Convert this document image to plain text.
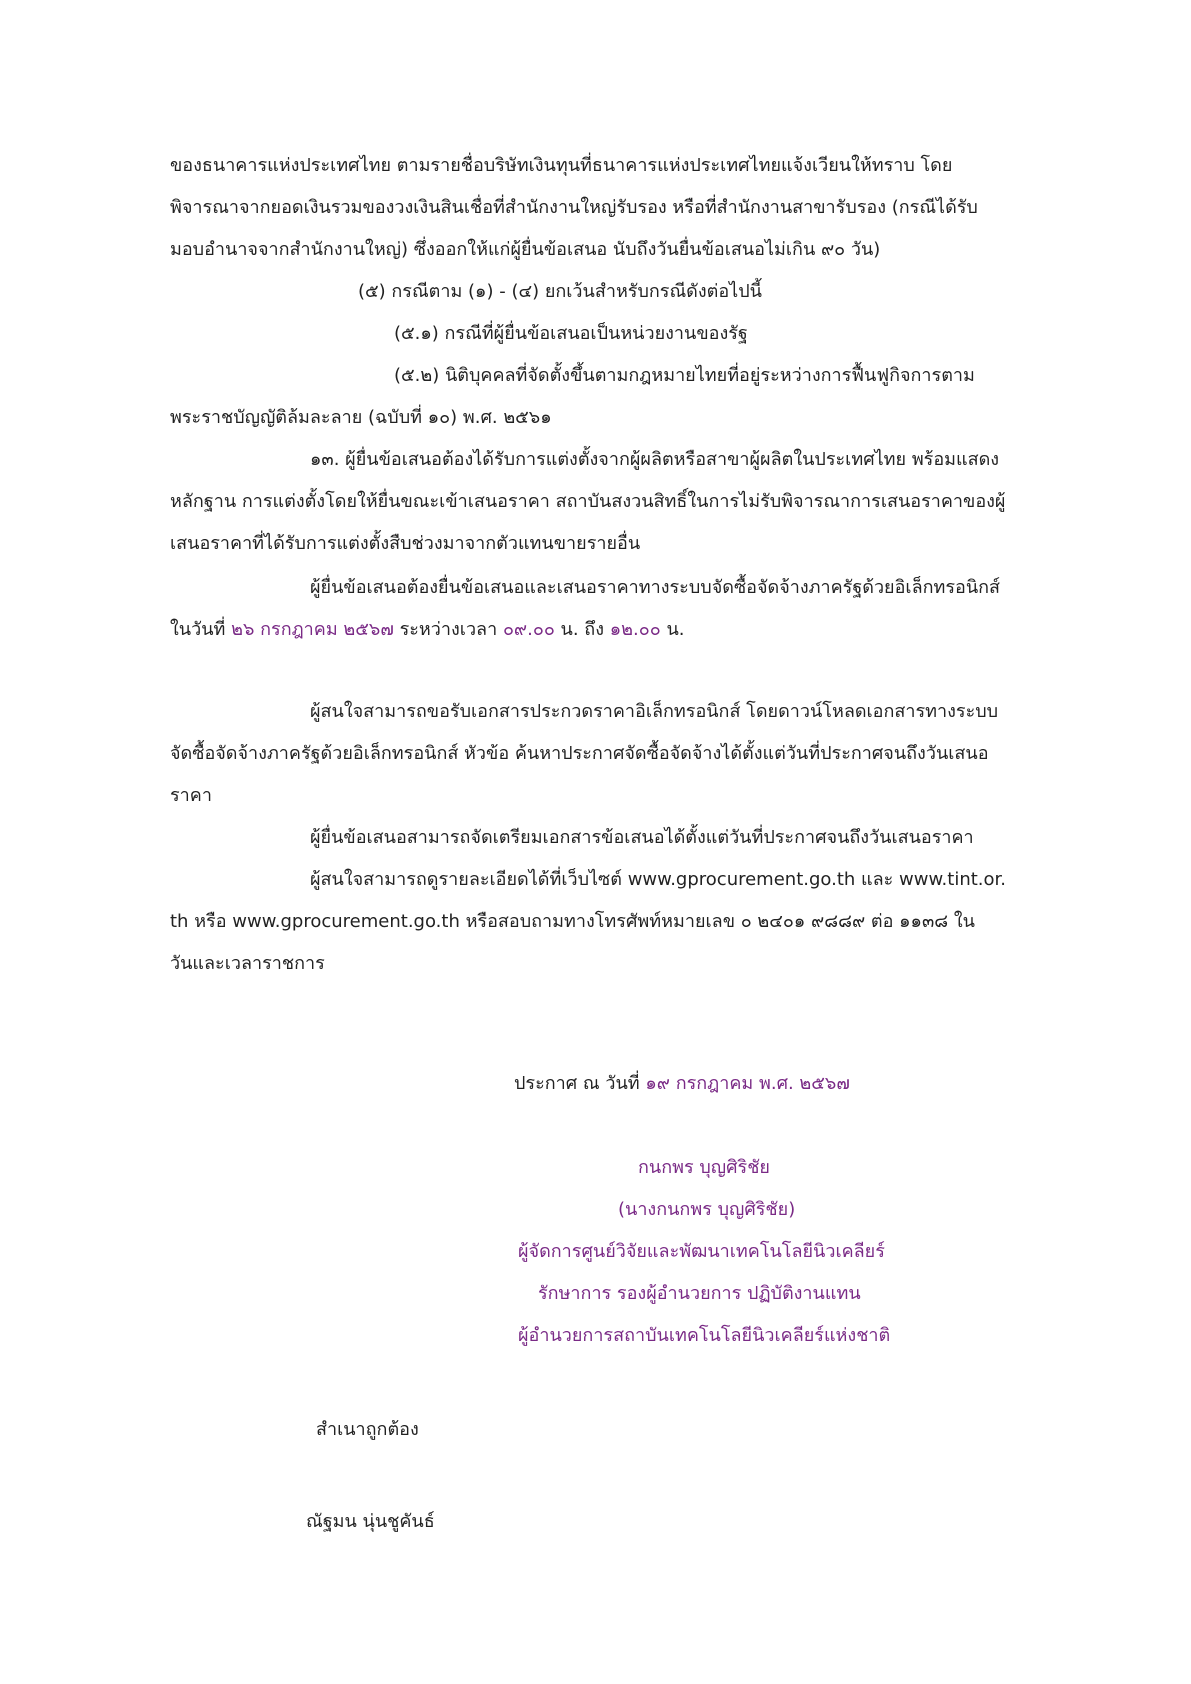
ของธนาคารแห่งประเทศไทย ตามรายชื่อบริษัทเงินทุนที่ธนาคารแห่งประเทศไทยแจ้งเวียนให้ทราบ โดย
พิจารณาจากยอดเงินรวมของวงเงินสินเชื่อที่สำนักงานใหญ่รับรอง หรือที่สำนักงานสาขารับรอง (กรณีได้รับ
มอบอำนาจจากสำนักงานใหญ่) ซึ่งออกให้แก่ผู้ยื่นข้อเสนอ นับถึงวันยื่นข้อเสนอไม่เกิน ๙๐ วัน)
(๕) กรณีตาม (๑) - (๔) ยกเว้นสำหรับกรณีดังต่อไปนี้
(๕.๑) กรณีที่ผู้ยื่นข้อเสนอเป็นหน่วยงานของรัฐ
(๕.๒) นิติบุคคลที่จัดตั้งขึ้นตามกฎหมายไทยที่อยู่ระหว่างการฟื้นฟูกิจการตาม
พระราชบัญญัติล้มละลาย (ฉบับที่ ๑๐) พ.ศ. ๒๕๖๑
๑๓. ผู้ยื่นข้อเสนอต้องได้รับการแต่งตั้งจากผู้ผลิตหรือสาขาผู้ผลิตในประเทศไทย พร้อมแสดง
หลักฐาน การแต่งตั้งโดยให้ยื่นขณะเข้าเสนอราคา สถาบันสงวนสิทธิ์ในการไม่รับพิจารณาการเสนอราคาของผู้
เสนอราคาที่ได้รับการแต่งตั้งสืบช่วงมาจากตัวแทนขายรายอื่น
ผู้ยื่นข้อเสนอต้องยื่นข้อเสนอและเสนอราคาทางระบบจัดซื้อจัดจ้างภาครัฐด้วยอิเล็กทรอนิกส์
ในวันที่ ๒๖ กรกฎาคม ๒๕๖๗ ระหว่างเวลา ๐๙.๐๐ น. ถึง ๑๒.๐๐ น.
ผู้สนใจสามารถขอรับเอกสารประกวดราคาอิเล็กทรอนิกส์ โดยดาวน์โหลดเอกสารทางระบบ
จัดซื้อจัดจ้างภาครัฐด้วยอิเล็กทรอนิกส์ หัวข้อ ค้นหาประกาศจัดซื้อจัดจ้างได้ตั้งแต่วันที่ประกาศจนถึงวันเสนอ
ราคา
ผู้ยื่นข้อเสนอสามารถจัดเตรียมเอกสารข้อเสนอได้ตั้งแต่วันที่ประกาศจนถึงวันเสนอราคา
ผู้สนใจสามารถดูรายละเอียดได้ที่เว็บไซต์ www.gprocurement.go.th และ www.tint.or.
th หรือ www.gprocurement.go.th หรือสอบถามทางโทรศัพท์หมายเลข ๐ ๒๔๐๑ ๙๘๘๙ ต่อ ๑๑๓๘ ใน
วันและเวลาราชการ
ประกาศ ณ วันที่ ๑๙ กรกฎาคม พ.ศ. ๒๕๖๗
กนกพร บุญศิริชัย
(นางกนกพร บุญศิริชัย)
ผู้จัดการศูนย์วิจัยและพัฒนาเทคโนโลยีนิวเคลียร์
รักษาการ รองผู้อำนวยการ ปฏิบัติงานแทน
ผู้อำนวยการสถาบันเทคโนโลยีนิวเคลียร์แห่งชาติ
สำเนาถูกต้อง
ณัฐมน นุ่นชูคันธ์
